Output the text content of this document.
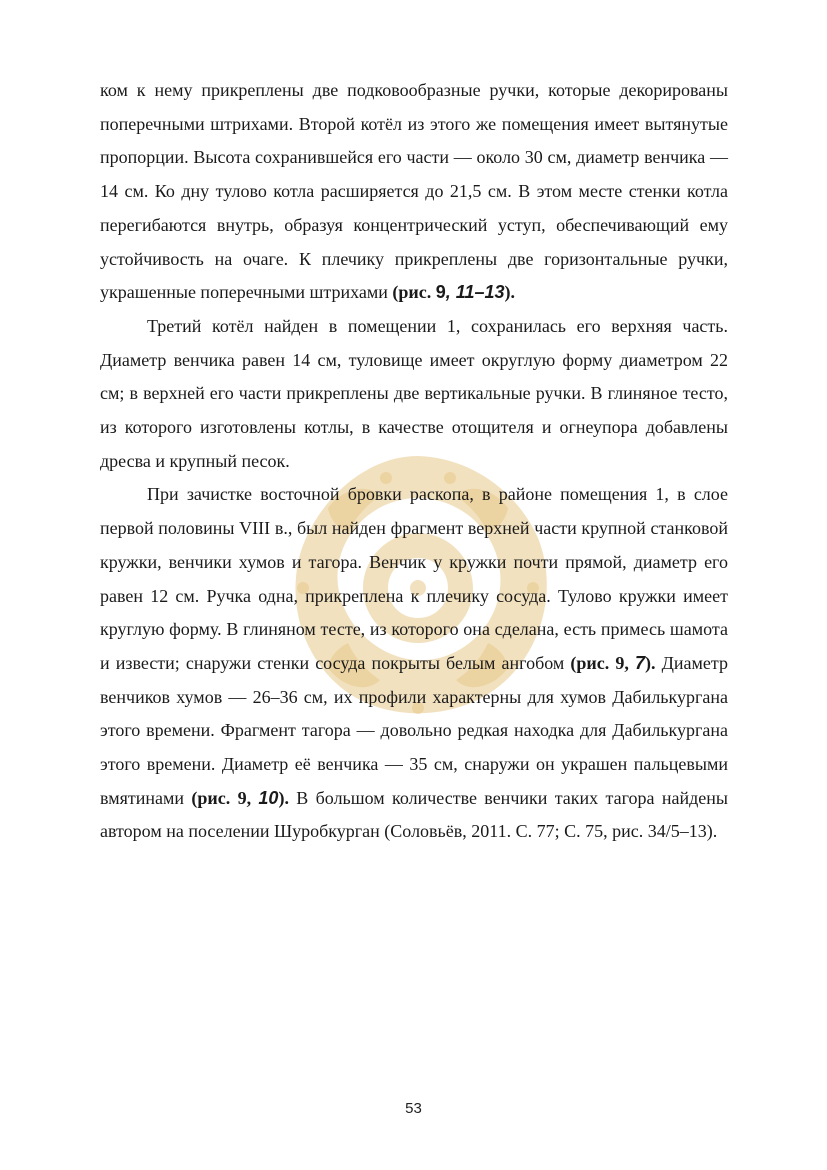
ком к нему прикреплены две подковообразные ручки, которые декорированы поперечными штрихами. Второй котёл из этого же помещения имеет вытянутые пропорции. Высота сохранившейся его части — около 30 см, диаметр венчика — 14 см. Ко дну тулово котла расширяется до 21,5 см. В этом месте стенки котла перегибаются внутрь, образуя концентрический уступ, обеспечивающий ему устойчивость на очаге. К плечику прикреплены две горизонтальные ручки, украшенные поперечными штрихами (рис. 9, 11–13).

Третий котёл найден в помещении 1, сохранилась его верхняя часть. Диаметр венчика равен 14 см, туловище имеет округлую форму диаметром 22 см; в верхней его части прикреплены две вертикальные ручки. В глиняное тесто, из которого изготовлены котлы, в качестве отощителя и огнеупора добавлены дресва и крупный песок.

При зачистке восточной бровки раскопа, в районе помещения 1, в слое первой половины VIII в., был найден фрагмент верхней части крупной станковой кружки, венчики хумов и тагора. Венчик у кружки почти прямой, диаметр его равен 12 см. Ручка одна, прикреплена к плечику сосуда. Тулово кружки имеет круглую форму. В глиняном тесте, из которого она сделана, есть примесь шамота и извести; снаружи стенки сосуда покрыты белым ангобом (рис. 9, 7). Диаметр венчиков хумов — 26–36 см, их профили характерны для хумов Дабилькургана этого времени. Фрагмент тагора — довольно редкая находка для Дабилькургана этого времени. Диаметр её венчика — 35 см, снаружи он украшен пальцевыми вмятинами (рис. 9, 10). В большом количестве венчики таких тагора найдены автором на поселении Шуробкурган (Соловьёв, 2011. С. 77; С. 75, рис. 34/5–13).

53
